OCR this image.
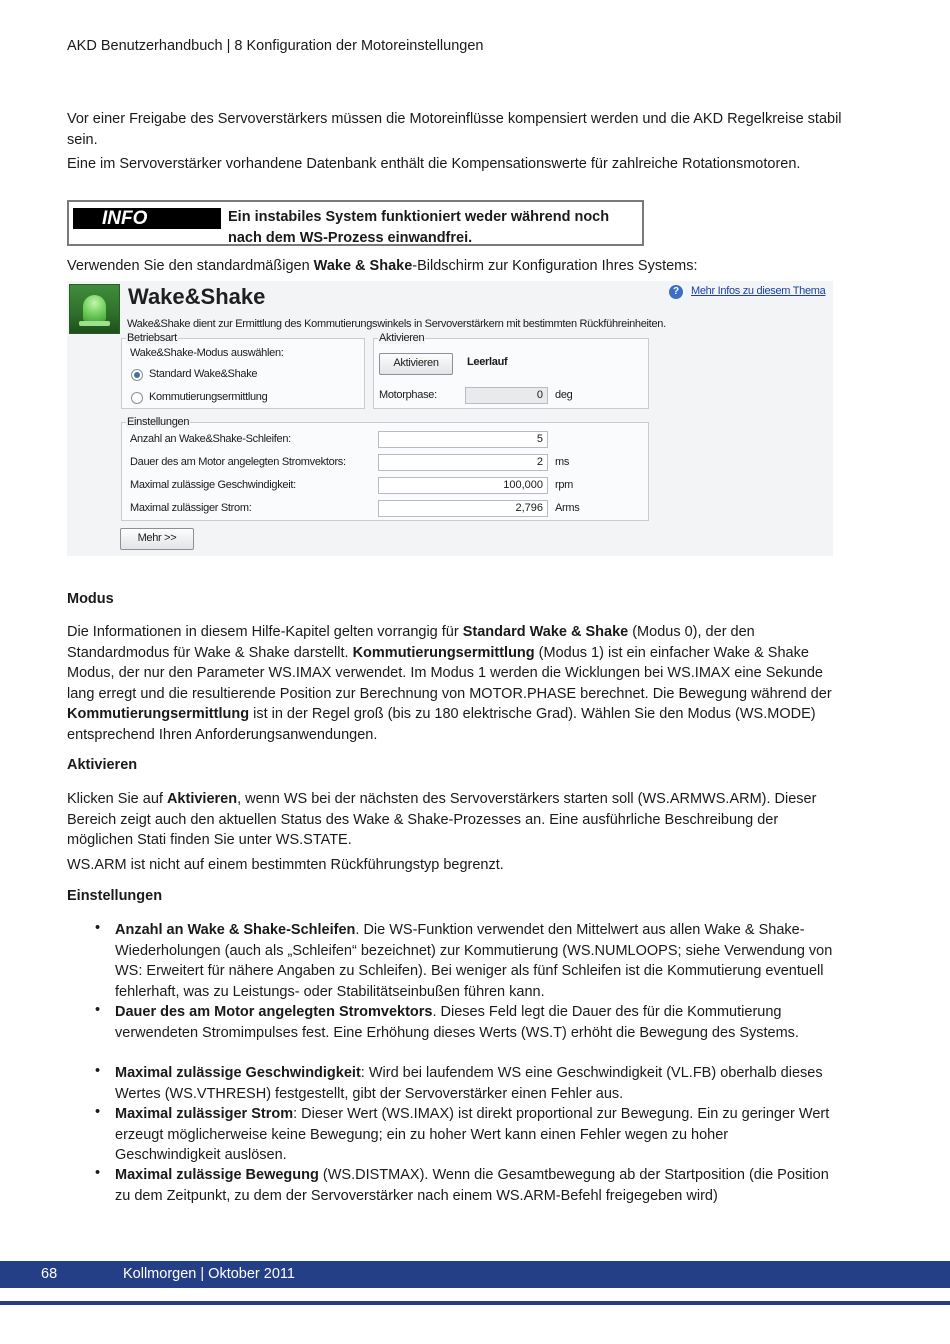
AKD Benutzerhandbuch | 8 Konfiguration der Motoreinstellungen

Vor einer Freigabe des Servoverstärkers müssen die Motoreinflüsse kompensiert werden und die AKD Regelkreise stabil sein.

Eine im Servoverstärker vorhandene Datenbank enthält die Kompensationswerte für zahlreiche Rotationsmotoren.

INFO	Ein instabiles System funktioniert weder während noch
nach dem WS-Prozess einwandfrei.

Verwenden Sie den standardmäßigen Wake & Shake-Bildschirm zur Konfiguration Ihres Systems:

Wake&Shake	?	Mehr Infos zu diesem Thema
Wake&Shake dient zur Ermittlung des Kommutierungswinkels in Servoverstärkern mit bestimmten Rückführeinheiten.
Betriebsart
Wake&Shake-Modus auswählen:
Standard Wake&Shake
Kommutierungsermittlung
Aktivieren
Aktivieren	Leerlauf
Motorphase:	0	deg
Einstellungen
Anzahl an Wake&Shake-Schleifen:	5
Dauer des am Motor angelegten Stromvektors:	2	ms
Maximal zulässige Geschwindigkeit:	100,000	rpm
Maximal zulässiger Strom:	2,796	Arms
Mehr >>
Modus

Die Informationen in diesem Hilfe-Kapitel gelten vorrangig für Standard Wake & Shake (Modus 0), der den Standardmodus für Wake & Shake darstellt. Kommutierungsermittlung (Modus 1) ist ein einfacher Wake & Shake Modus, der nur den Parameter WS.IMAX verwendet. Im Modus 1 werden die Wicklungen bei WS.IMAX eine Sekunde lang erregt und die resultierende Position zur Berechnung von MOTOR.PHASE berechnet. Die Bewegung während der Kommutierungsermittlung ist in der Regel groß (bis zu 180 elektrische Grad). Wählen Sie den Modus (WS.MODE) entsprechend Ihren Anforderungsanwendungen.

Aktivieren

Klicken Sie auf Aktivieren, wenn WS bei der nächsten des Servoverstärkers starten soll (WS.ARMWS.ARM). Dieser Bereich zeigt auch den aktuellen Status des Wake & Shake-Prozesses an. Eine ausführliche Beschreibung der möglichen Stati finden Sie unter WS.STATE.

WS.ARM ist nicht auf einem bestimmten Rückführungstyp begrenzt.

Einstellungen
• Anzahl an Wake & Shake-Schleifen. Die WS-Funktion verwendet den Mittelwert aus allen Wake & Shake-Wiederholungen (auch als „Schleifen“ bezeichnet) zur Kommutierung (WS.NUMLOOPS; siehe Verwendung von WS: Erweitert für nähere Angaben zu Schleifen). Bei weniger als fünf Schleifen ist die Kommutierung eventuell fehlerhaft, was zu Leistungs- oder Stabilitätseinbußen führen kann.

• Dauer des am Motor angelegten Stromvektors. Dieses Feld legt die Dauer des für die Kommutierung verwendeten Stromimpulses fest. Eine Erhöhung dieses Werts (WS.T) erhöht die Bewegung des Systems.

• Maximal zulässige Geschwindigkeit: Wird bei laufendem WS eine Geschwindigkeit (VL.FB) oberhalb dieses Wertes (WS.VTHRESH) festgestellt, gibt der Servoverstärker einen Fehler aus.

• Maximal zulässiger Strom: Dieser Wert (WS.IMAX) ist direkt proportional zur Bewegung. Ein zu geringer Wert erzeugt möglicherweise keine Bewegung; ein zu hoher Wert kann einen Fehler wegen zu hoher Geschwindigkeit auslösen.

• Maximal zulässige Bewegung (WS.DISTMAX). Wenn die Gesamtbewegung ab der Startposition (die Position zu dem Zeitpunkt, zu dem der Servoverstärker nach einem WS.ARM-Befehl freigegeben wird)

68	Kollmorgen | Oktober 2011
